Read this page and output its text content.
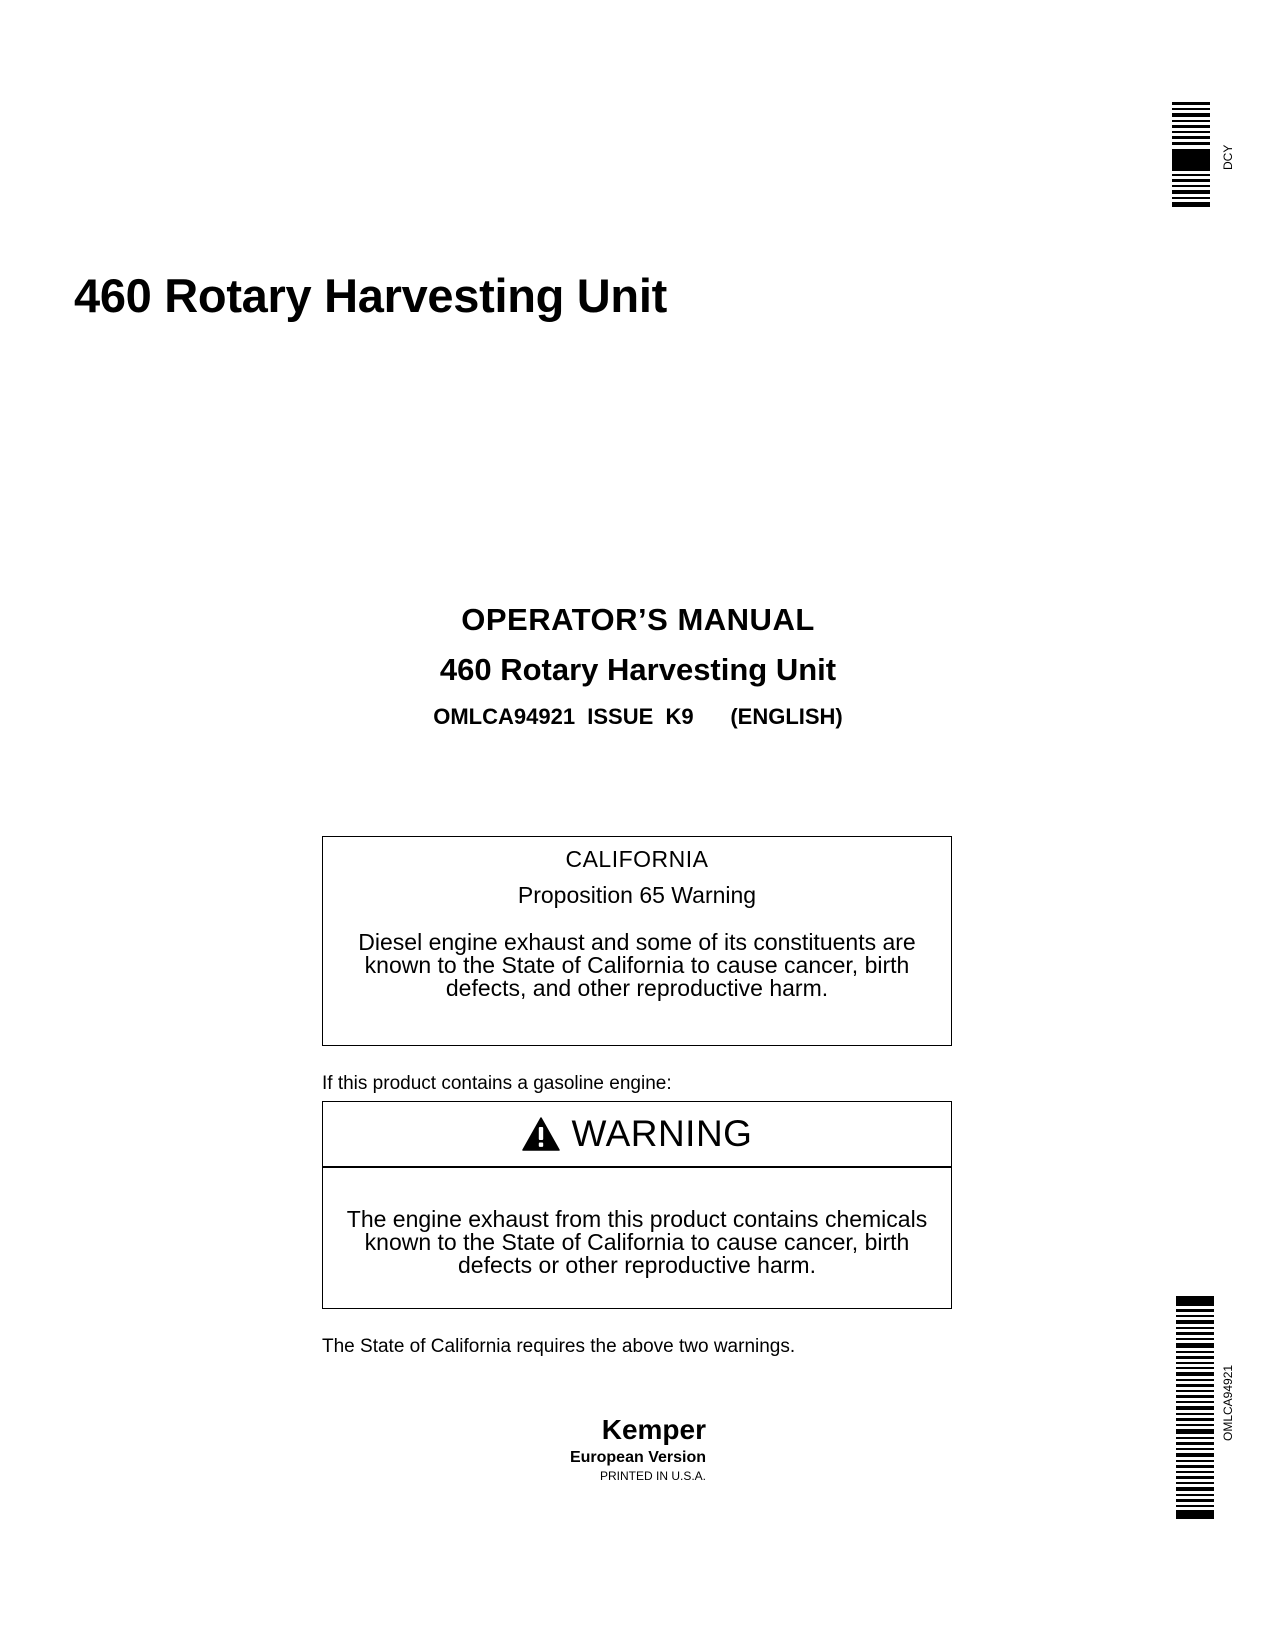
DCY
460 Rotary Harvesting Unit
OPERATOR’S MANUAL
460 Rotary Harvesting Unit
OMLCA94921  ISSUE  K9      (ENGLISH)
CALIFORNIA
Proposition 65 Warning
Diesel engine exhaust and some of its constituents are known to the State of California to cause cancer, birth defects, and other reproductive harm.
If this product contains a gasoline engine:
WARNING
The engine exhaust from this product contains chemicals known to the State of California to cause cancer, birth defects or other reproductive harm.
The State of California requires the above two warnings.
Kemper
European Version
PRINTED IN U.S.A.
OMLCA94921
